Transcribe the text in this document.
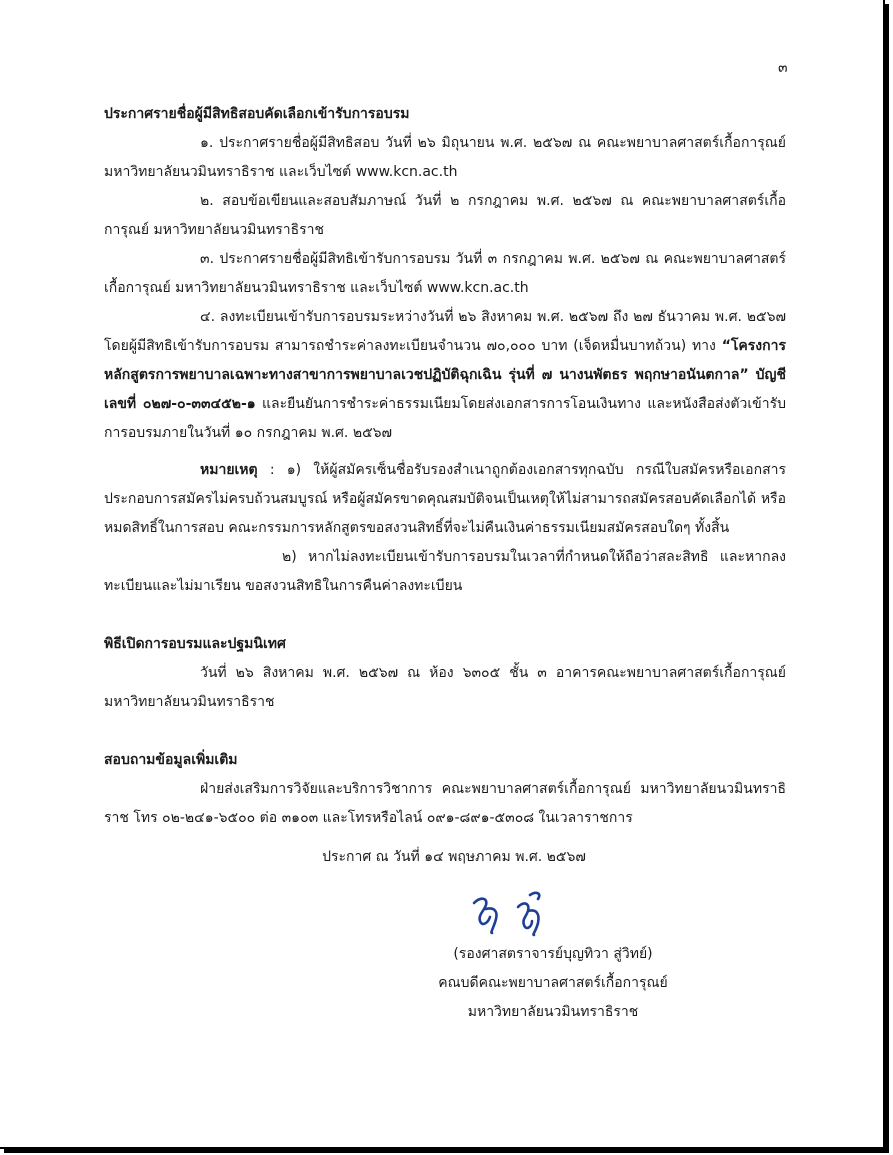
๓

ประกาศรายชื่อผู้มีสิทธิสอบคัดเลือกเข้ารับการอบรม

๑. ประกาศรายชื่อผู้มีสิทธิสอบ วันที่ ๒๖ มิถุนายน พ.ศ. ๒๕๖๗ ณ คณะพยาบาลศาสตร์เกื้อการุณย์ มหาวิทยาลัยนวมินทราธิราช และเว็บไซต์ www.kcn.ac.th

๒. สอบข้อเขียนและสอบสัมภาษณ์ วันที่ ๒ กรกฎาคม พ.ศ. ๒๕๖๗ ณ คณะพยาบาลศาสตร์เกื้อการุณย์ มหาวิทยาลัยนวมินทราธิราช

๓. ประกาศรายชื่อผู้มีสิทธิเข้ารับการอบรม วันที่ ๓ กรกฎาคม พ.ศ. ๒๕๖๗ ณ คณะพยาบาลศาสตร์เกื้อการุณย์ มหาวิทยาลัยนวมินทราธิราช และเว็บไซต์ www.kcn.ac.th

๔. ลงทะเบียนเข้ารับการอบรมระหว่างวันที่ ๒๖ สิงหาคม พ.ศ. ๒๕๖๗ ถึง ๒๗ ธันวาคม พ.ศ. ๒๕๖๗ โดยผู้มีสิทธิเข้ารับการอบรม สามารถชำระค่าลงทะเบียนจำนวน ๗๐,๐๐๐ บาท (เจ็ดหมื่นบาทถ้วน) ทาง “โครงการหลักสูตรการพยาบาลเฉพาะทางสาขาการพยาบาลเวชปฏิบัติฉุกเฉิน รุ่นที่ ๗ นางนพัตธร พฤกษาอนันตกาล” บัญชีเลขที่ ๐๒๗-๐-๓๓๔๕๒-๑ และยืนยันการชำระค่าธรรมเนียมโดยส่งเอกสารการโอนเงินทาง และหนังสือส่งตัวเข้ารับการอบรมภายในวันที่ ๑๐ กรกฎาคม พ.ศ. ๒๕๖๗

หมายเหตุ : ๑) ให้ผู้สมัครเซ็นชื่อรับรองสำเนาถูกต้องเอกสารทุกฉบับ กรณีใบสมัครหรือเอกสารประกอบการสมัครไม่ครบถ้วนสมบูรณ์ หรือผู้สมัครขาดคุณสมบัติจนเป็นเหตุให้ไม่สามารถสมัครสอบคัดเลือกได้ หรือหมดสิทธิ์ในการสอบ คณะกรรมการหลักสูตรขอสงวนสิทธิ์ที่จะไม่คืนเงินค่าธรรมเนียมสมัครสอบใดๆ ทั้งสิ้น

๒) หากไม่ลงทะเบียนเข้ารับการอบรมในเวลาที่กำหนดให้ถือว่าสละสิทธิ และหากลงทะเบียนและไม่มาเรียน ขอสงวนสิทธิในการคืนค่าลงทะเบียน

พิธีเปิดการอบรมและปฐมนิเทศ

วันที่ ๒๖ สิงหาคม พ.ศ. ๒๕๖๗ ณ ห้อง ๖๓๐๕ ชั้น ๓ อาคารคณะพยาบาลศาสตร์เกื้อการุณย์ มหาวิทยาลัยนวมินทราธิราช

สอบถามข้อมูลเพิ่มเติม

ฝ่ายส่งเสริมการวิจัยและบริการวิชาการ คณะพยาบาลศาสตร์เกื้อการุณย์ มหาวิทยาลัยนวมินทราธิราช โทร ๐๒-๒๔๑-๖๕๐๐ ต่อ ๓๑๐๓ และโทรหรือไลน์ ๐๙๑-๘๙๑-๕๓๐๘ ในเวลาราชการ

ประกาศ ณ วันที่ ๑๔ พฤษภาคม พ.ศ. ๒๕๖๗
(รองศาสตราจารย์บุญทิวา สู่วิทย์)
คณบดีคณะพยาบาลศาสตร์เกื้อการุณย์
มหาวิทยาลัยนวมินทราธิราช
